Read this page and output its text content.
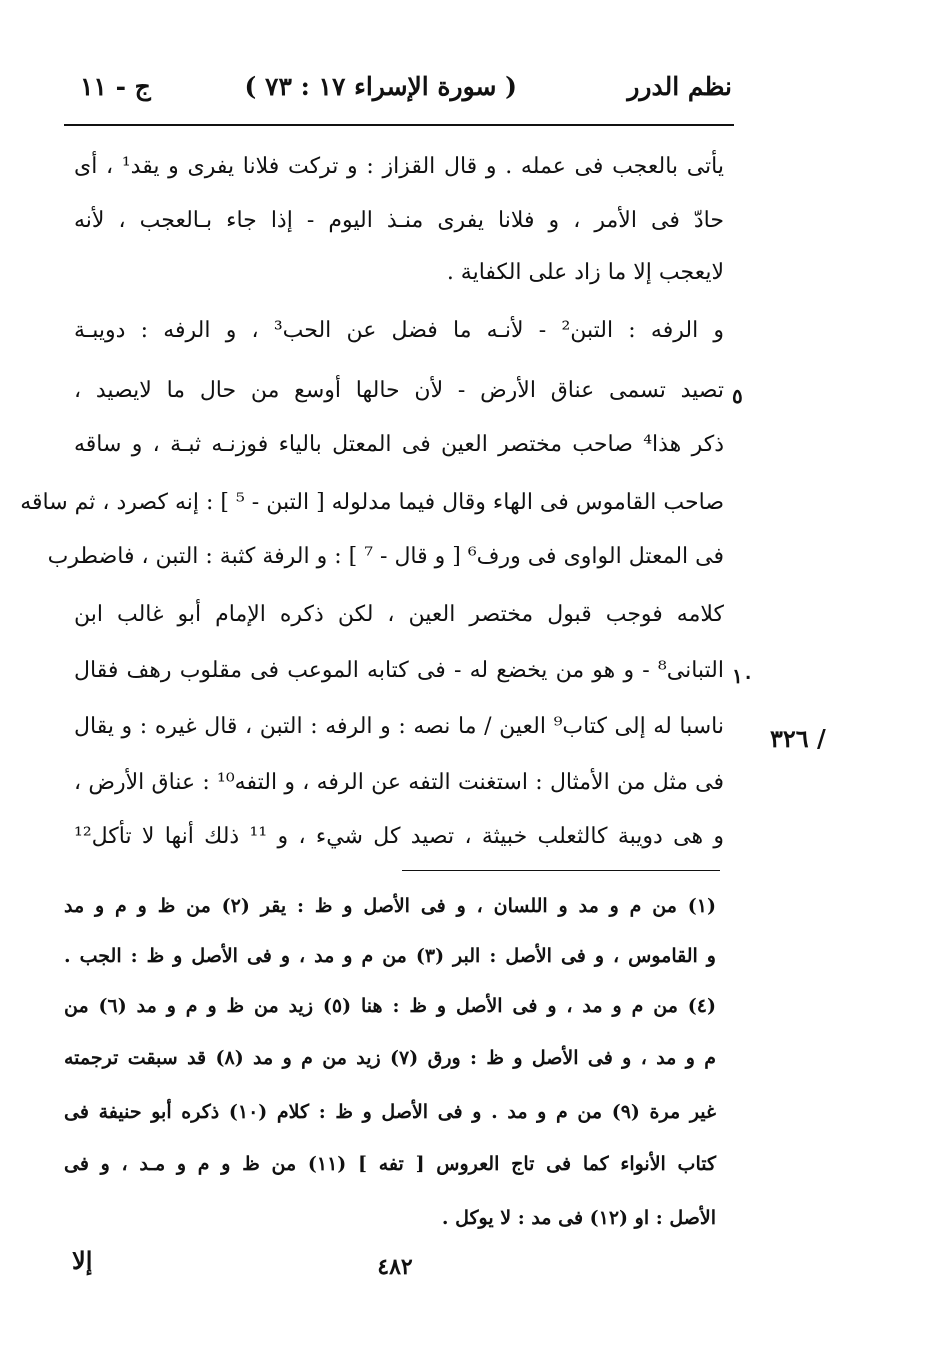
نظم الدرر
( سورة الإسراء ١٧ : ٧٣ )
ج - ١١
يأتى بالعجب فى عمله . و قال القزاز : و تركت فلانا يفرى و يقد¹ ، أى
حادّ فى الأمر ، و فلانا يفرى منـذ اليوم - إذا جاء بـالعجب ، لأنه
لايعجب إلا ما زاد على الكفاية .
و الرفه : التبن² - لأنـه ما فضل عن الحب³ ، و الرفه : دويبـة
تصيد تسمى عناق الأرض - لأن حالها أوسع من حال ما لايصيد ،
ذكر هذا⁴ صاحب مختصر العين فى المعتل بالياء فوزنـه ثبـة ، و ساقه
صاحب القاموس فى الهاء وقال فيما مدلوله [ التبن - ⁵ ] : إنه كصرد ، ثم ساقه
فى المعتل الواوى فى ورف⁶ [ و قال - ⁷ ] : و الرفة كثبة : التبن ، فاضطرب
كلامه فوجب قبول مختصر العين ، لكن ذكره الإمام أبو غالب ابن
التبانى⁸ - و هو من يخضع له - فى كتابه الموعب فى مقلوب رهف فقال
ناسبا له إلى كتاب⁹ العين / ما نصه : و الرفه : التبن ، قال غيره : و يقال
فى مثل من الأمثال : استغنت التفه عن الرفه ، و التفه¹⁰ : عناق الأرض ،
و هى دويبة كالثعلب خبيثة ، تصيد كل شيء ، و ¹¹ ذلك أنها لا تأكل¹²
٥
١٠
/ ٣٢٦
(١) من م و مد و اللسان ، و فى الأصل و ظ : يقر (٢) من ظ و م و مد
و القاموس ، و فى الأصل : البر (٣) من م و مد ، و فى الأصل و ظ : الجب .
(٤) من م و مد ، و فى الأصل و ظ : هنا (٥) زيد من ظ و م و مد (٦) من
م و مد ، و فى الأصل و ظ : ورق (٧) زيد من م و مد (٨) قد سبقت ترجمته
غير مرة (٩) من م و مد . و فى الأصل و ظ : كلام (١٠) ذكره أبو حنيفة فى
كتاب الأنواء كما فى تاج العروس [ تفه ] (١١) من ظ و م و مـد ، و فى
الأصل : او (١٢) فى مد : لا يوكل .
٤٨٢
إلا
